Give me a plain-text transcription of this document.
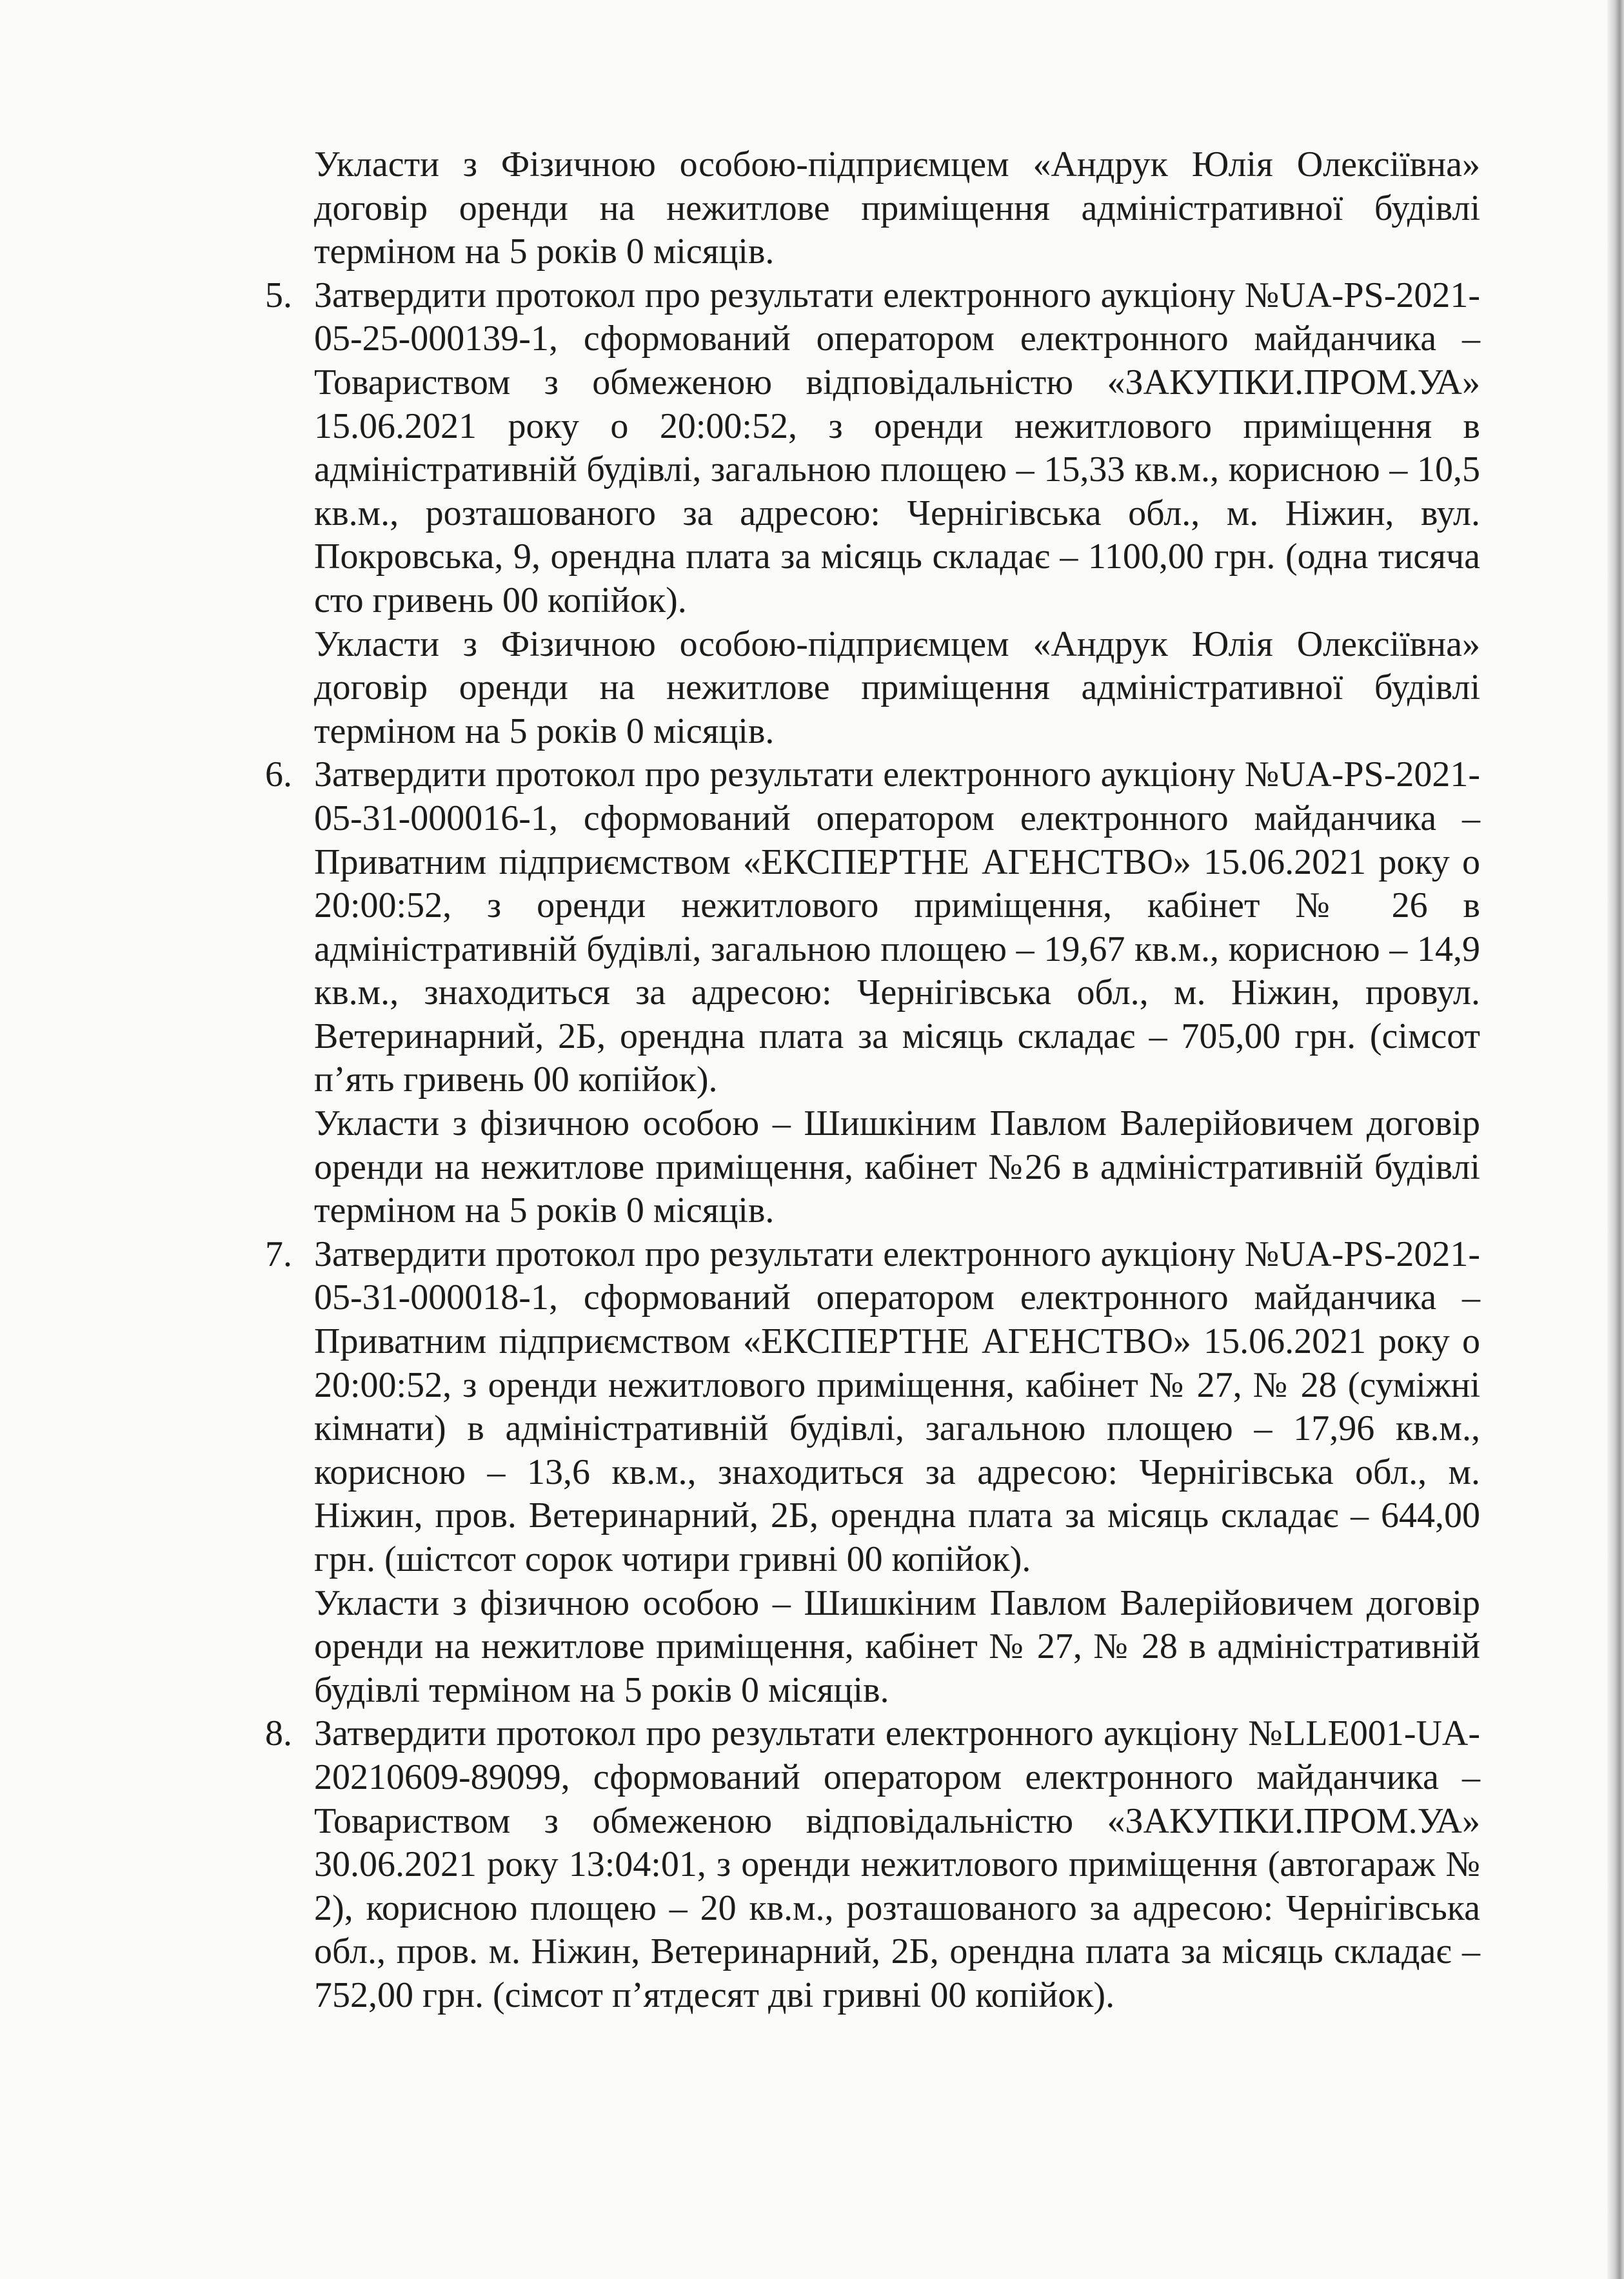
Укласти з Фізичною особою-підприємцем «Андрук Юлія Олексіївна» договір оренди на нежитлове приміщення адміністративної будівлі терміном на 5 років 0 місяців.

5. Затвердити протокол про результати електронного аукціону №UA-PS-2021-05-25-000139-1, сформований оператором електронного майданчика – Товариством з обмеженою відповідальністю «ЗАКУПКИ.ПРОМ.УА» 15.06.2021 року о 20:00:52, з оренди нежитлового приміщення в адміністративній будівлі, загальною площею – 15,33 кв.м., корисною – 10,5 кв.м., розташованого за адресою: Чернігівська обл., м. Ніжин, вул. Покровська, 9, орендна плата за місяць складає – 1100,00 грн. (одна тисяча сто гривень 00 копійок).

Укласти з Фізичною особою-підприємцем «Андрук Юлія Олексіївна» договір оренди на нежитлове приміщення адміністративної будівлі терміном на 5 років 0 місяців.

6. Затвердити протокол про результати електронного аукціону №UA-PS-2021-05-31-000016-1, сформований оператором електронного майданчика – Приватним підприємством «ЕКСПЕРТНЕ АГЕНСТВО» 15.06.2021 року о 20:00:52, з оренди нежитлового приміщення, кабінет № 26 в адміністративній будівлі, загальною площею – 19,67 кв.м., корисною – 14,9 кв.м., знаходиться за адресою: Чернігівська обл., м. Ніжин, провул. Ветеринарний, 2Б, орендна плата за місяць складає – 705,00 грн. (сімсот п’ять гривень 00 копійок).

Укласти з фізичною особою – Шишкіним Павлом Валерійовичем договір оренди на нежитлове приміщення, кабінет №26 в адміністративній будівлі терміном на 5 років 0 місяців.

7. Затвердити протокол про результати електронного аукціону №UA-PS-2021-05-31-000018-1, сформований оператором електронного майданчика – Приватним підприємством «ЕКСПЕРТНЕ АГЕНСТВО» 15.06.2021 року о 20:00:52, з оренди нежитлового приміщення, кабінет № 27, № 28 (суміжні кімнати) в адміністративній будівлі, загальною площею – 17,96 кв.м., корисною – 13,6 кв.м., знаходиться за адресою: Чернігівська обл., м. Ніжин, пров. Ветеринарний, 2Б, орендна плата за місяць складає – 644,00 грн. (шістсот сорок чотири гривні 00 копійок).

Укласти з фізичною особою – Шишкіним Павлом Валерійовичем договір оренди на нежитлове приміщення, кабінет № 27, № 28 в адміністративній будівлі терміном на 5 років 0 місяців.

8. Затвердити протокол про результати електронного аукціону №LLE001-UA-20210609-89099, сформований оператором електронного майданчика – Товариством з обмеженою відповідальністю «ЗАКУПКИ.ПРОМ.УА» 30.06.2021 року 13:04:01, з оренди нежитлового приміщення (автогараж № 2), корисною площею – 20 кв.м., розташованого за адресою: Чернігівська обл., пров. м. Ніжин, Ветеринарний, 2Б, орендна плата за місяць складає – 752,00 грн. (сімсот п’ятдесят дві гривні 00 копійок).
